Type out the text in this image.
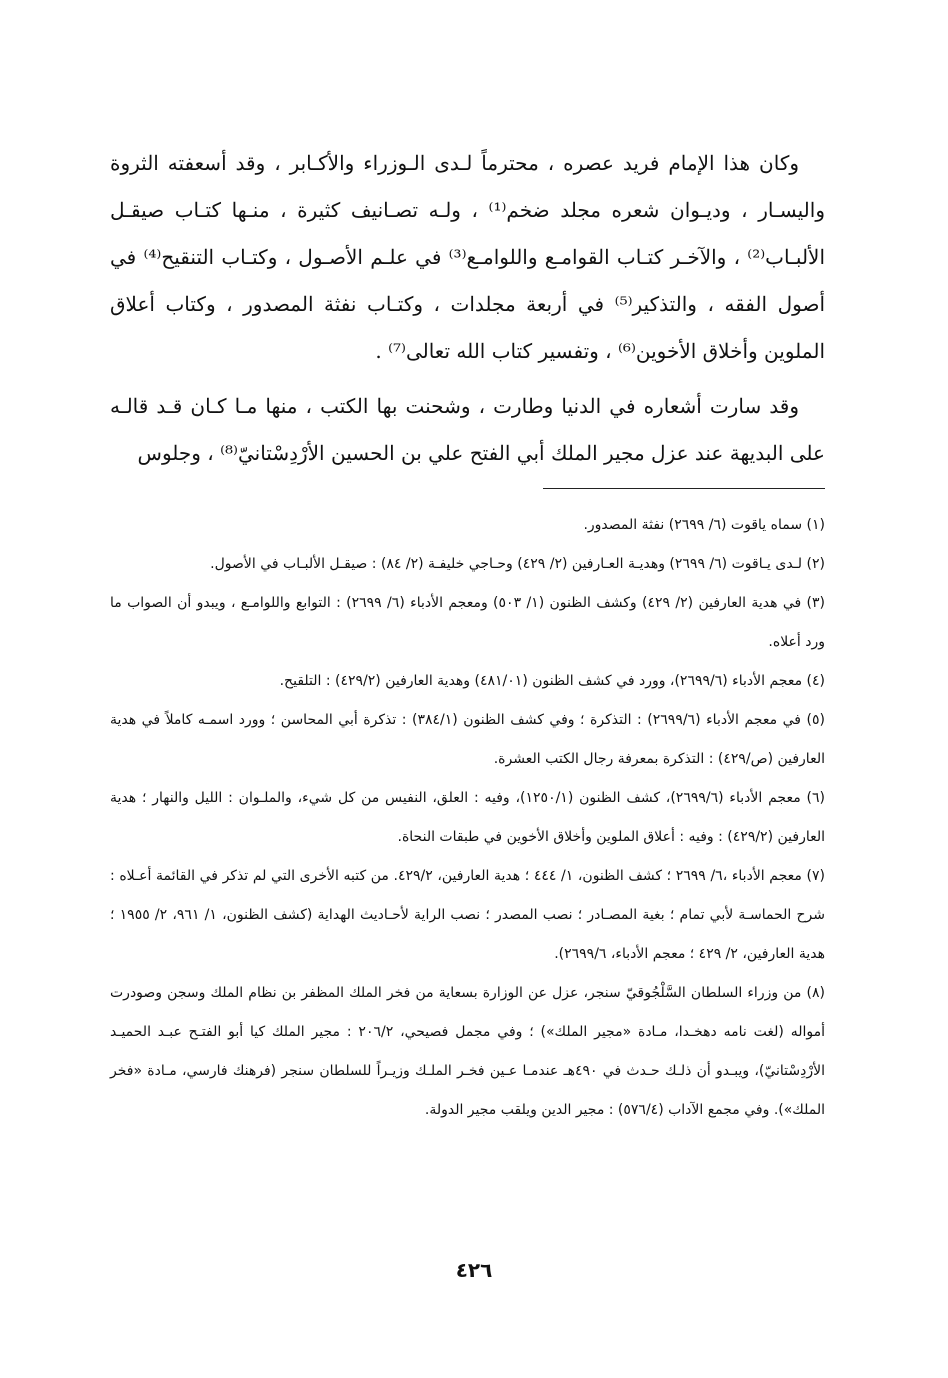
وكان هذا الإمام فريد عصره ، محترماً لـدى الـوزراء والأكـابر ، وقد أسعفته الثروة واليسـار ، وديـوان شعره مجلد ضخم⁽¹⁾ ، ولـه تصـانيف كثيرة ، منـها كتـاب صيقـل الألبـاب⁽²⁾ ، والآخـر كتـاب القوامـع واللوامـع⁽³⁾ في علـم الأصـول ، وكتـاب التنقيح⁽⁴⁾ في أصول الفقه ، والتذكير⁽⁵⁾ في أربعة مجلدات ، وكتـاب نفثة المصدور ، وكتاب أعلاق الملوين وأخلاق الأخوين⁽⁶⁾ ، وتفسير كتاب الله تعالى⁽⁷⁾ .

وقد سارت أشعاره في الدنيا وطارت ، وشحنت بها الكتب ، منها مـا كـان قـد قالـه على البديهة عند عزل مجير الملك أبي الفتح علي بن الحسين الأرْدِسْتانيّ⁽⁸⁾ ، وجلوس

(١) سماه ياقوت (٦/ ٢٦٩٩) نفثة المصدور.
(٢) لـدى يـاقوت (٦/ ٢٦٩٩) وهديـة العـارفين (٢/ ٤٢٩) وحـاجي خليفـة (٢/ ٨٤) : صيقـل الألبـاب في الأصول.
(٣) في هدية العارفين (٢/ ٤٢٩) وكشف الظنون (١/ ٥٠٣) ومعجم الأدباء (٦/ ٢٦٩٩) : التوابع واللوامـع ، ويبدو أن الصواب ما ورد أعلاه.
(٤) معجم الأدباء (٢٦٩٩/٦)، وورد في كشف الظنون (٤٨١/٠١) وهدية العارفين (٤٢٩/٢) : التلقيح.
(٥) في معجم الأدباء (٢٦٩٩/٦) : التذكرة ؛ وفي كشف الظنون (٣٨٤/١) : تذكرة أبي المحاسن ؛ وورد اسمـه كاملاً في هدية العارفين (ص/٤٢٩) : التذكرة بمعرفة رجال الكتب العشرة.
(٦) معجم الأدباء (٢٦٩٩/٦)، كشف الظنون (١٢٥٠/١)، وفيه : العلق، النفيس من كل شيء، والملـوان : الليل والنهار ؛ هدية العارفين (٤٢٩/٢) : وفيه : أعلاق الملوين وأخلاق الأخوين في طبقات النحاة.
(٧) معجم الأدباء ،٦/ ٢٦٩٩ ؛ كشف الظنون، ١/ ٤٤٤ ؛ هدية العارفين، ٤٢٩/٢. من كتبه الأخرى التي لم تذكر في القائمة أعـلاه : شرح الحماسـة لأبي تمام ؛ بغية المصـادر ؛ نصب المصدر ؛ نصب الراية لأحـاديث الهداية (كشف الظنون، ١/ ٩٦١، ٢/ ١٩٥٥ ؛ هدية العارفين، ٢/ ٤٢٩ ؛ معجم الأدباء، ٢٦٩٩/٦).
(٨) من وزراء السلطان السَّلْجُوقيّ سنجر، عزل عن الوزارة بسعاية من فخر الملك المظفر بن نظام الملك وسجن وصودرت أمواله (لغت نامه دهخـدا، مـادة «مجير الملك») ؛ وفي مجمل فصيحي، ٢٠٦/٢ : مجير الملك كيا أبو الفتـح عبـد الحميـد الأرْدِسْتانيّ)، ويبـدو أن ذلـك حـدث في ٤٩٠هـ عندمـا عـين فخـر الملـك وزيـراً للسلطان سنجر (فرهنك فارسي، مـادة «فخر الملك»). وفي مجمع الآداب (٥٧٦/٤) : مجير الدين ويلقب مجير الدولة.
٤٢٦
